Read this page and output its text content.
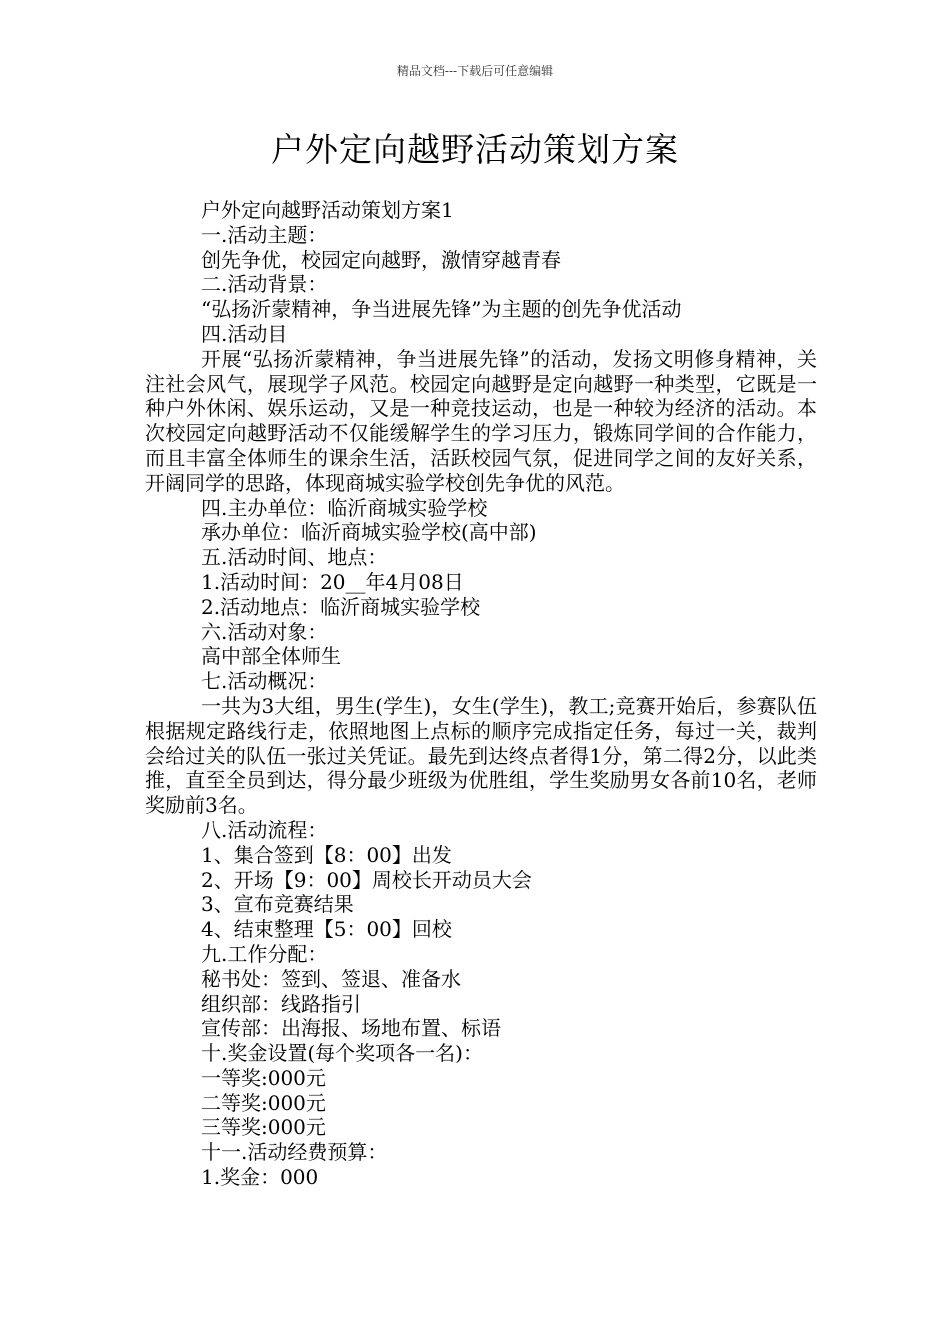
精品文档---下载后可任意编辑
户外定向越野活动策划方案
户外定向越野活动策划方案1
一.活动主题：
创先争优，校园定向越野，激情穿越青春
二.活动背景：
“弘扬沂蒙精神，争当进展先锋”为主题的创先争优活动
四.活动目
开展“弘扬沂蒙精神，争当进展先锋”的活动，发扬文明修身精神，关注社会风气，展现学子风范。校园定向越野是定向越野一种类型，它既是一种户外休闲、娱乐运动，又是一种竞技运动，也是一种较为经济的活动。本次校园定向越野活动不仅能缓解学生的学习压力，锻炼同学间的合作能力，而且丰富全体师生的课余生活，活跃校园气氛，促进同学之间的友好关系，开阔同学的思路，体现商城实验学校创先争优的风范。
四.主办单位：临沂商城实验学校
承办单位：临沂商城实验学校(高中部)
五.活动时间、地点：
1.活动时间：20__年4月08日
2.活动地点：临沂商城实验学校
六.活动对象：
高中部全体师生
七.活动概况：
一共为3大组，男生(学生)，女生(学生)，教工;竞赛开始后，参赛队伍根据规定路线行走，依照地图上点标的顺序完成指定任务，每过一关，裁判会给过关的队伍一张过关凭证。最先到达终点者得1分，第二得2分，以此类推，直至全员到达，得分最少班级为优胜组，学生奖励男女各前10名，老师奖励前3名。
八.活动流程：
1、集合签到【8：00】出发
2、开场【9：00】周校长开动员大会
3、宣布竞赛结果
4、结束整理【5：00】回校
九.工作分配：
秘书处：签到、签退、准备水
组织部：线路指引
宣传部：出海报、场地布置、标语
十.奖金设置(每个奖项各一名)：
一等奖:000元
二等奖:000元
三等奖:000元
十一.活动经费预算：
1.奖金：000
